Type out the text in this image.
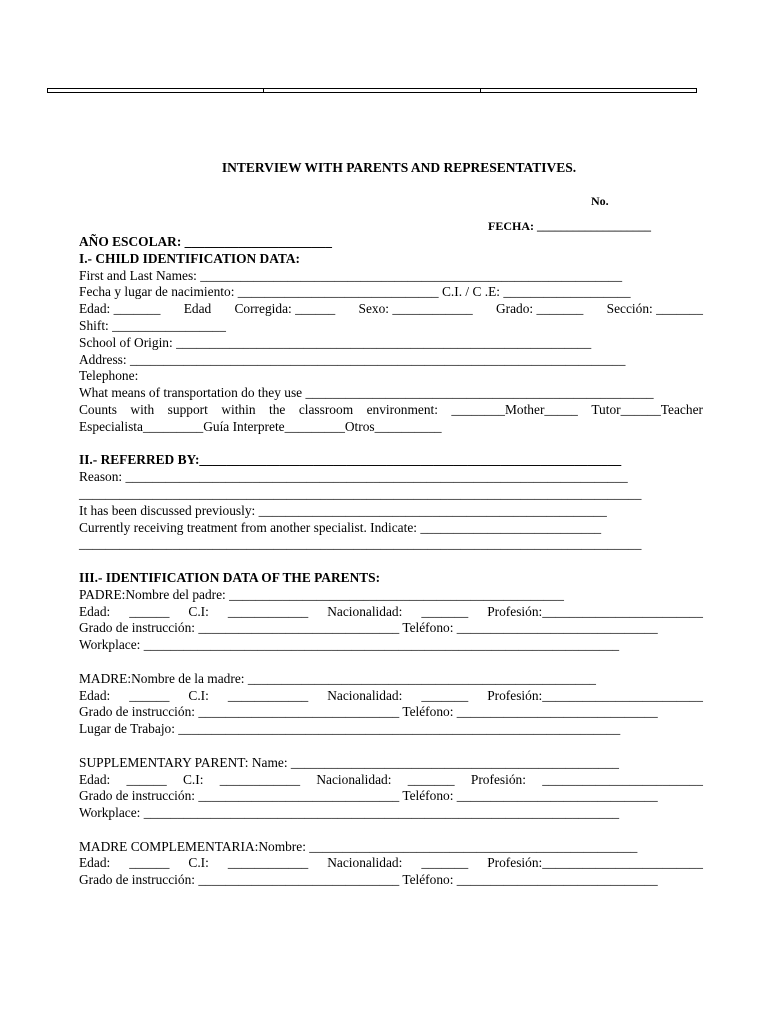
INTERVIEW WITH PARENTS AND REPRESENTATIVES.
No.
FECHA: ___________________
AÑO ESCOLAR: ______________________
I.- CHILD IDENTIFICATION DATA:
First and Last Names: _______________________________________________________________
Fecha y lugar de nacimiento: ______________________________ C.I. / C .E: ___________________
Edad: _______ Edad Corregida: ______ Sexo: ____________ Grado: _______ Sección: _______
Shift: _________________
School of Origin: ______________________________________________________________
Address: __________________________________________________________________________
Telephone:
What means of transportation do they use ____________________________________________________
Counts with support within the classroom environment: ________Mother_____ Tutor______Teacher
Especialista_________Guía Interprete_________Otros__________
II.- REFERRED BY:_______________________________________________________________
Reason: ___________________________________________________________________________
____________________________________________________________________________________
It has been discussed previously: ____________________________________________________
Currently receiving treatment from another specialist. Indicate: ___________________________
____________________________________________________________________________________
III.- IDENTIFICATION DATA OF THE PARENTS:
PADRE:Nombre del padre: __________________________________________________
Edad: ______ C.I: ____________ Nacionalidad: _______ Profesión:________________________
Grado de instrucción: ______________________________ Teléfono: ______________________________
Workplace: _______________________________________________________________________
MADRE:Nombre de la madre: ____________________________________________________
Edad: ______ C.I: ____________ Nacionalidad: _______ Profesión:________________________
Grado de instrucción: ______________________________ Teléfono: ______________________________
Lugar de Trabajo: __________________________________________________________________
SUPPLEMENTARY PARENT: Name: _________________________________________________
Edad: ______ C.I: ____________ Nacionalidad: _______ Profesión: ________________________
Grado de instrucción: ______________________________ Teléfono: ______________________________
Workplace: _______________________________________________________________________
MADRE COMPLEMENTARIA:Nombre: _________________________________________________
Edad: ______ C.I: ____________ Nacionalidad: _______ Profesión:________________________
Grado de instrucción: ______________________________ Teléfono: ______________________________
